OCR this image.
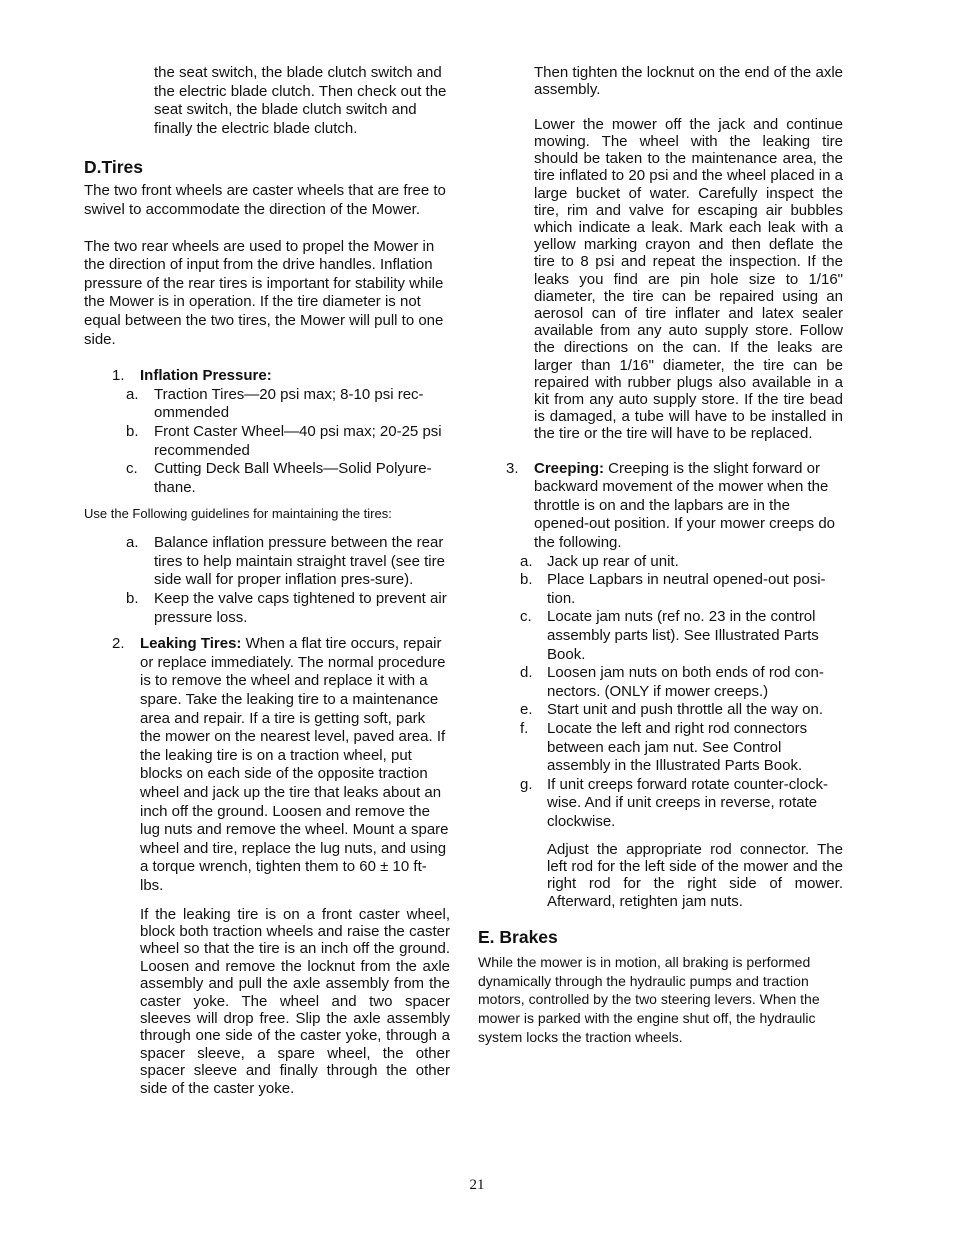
the seat switch, the blade clutch switch and the electric blade clutch. Then check out the seat switch, the blade clutch switch and finally the electric blade clutch.

D.Tires

The two front wheels are caster wheels that are free to swivel to accommodate the direction of the Mower.

The two rear wheels are used to propel the Mower in the direction of input from the drive handles. Inflation pressure of the rear tires is important for stability while the Mower is in operation. If the tire diameter is not equal between the two tires, the Mower will pull to one side.

1.	Inflation Pressure:
a.	Traction Tires—20 psi max; 8-10 psi rec-ommended
b.	Front Caster Wheel—40 psi max; 20-25 psi recommended
c.	Cutting Deck Ball Wheels—Solid Polyure-thane.

Use the Following guidelines for maintaining the tires:

a.	Balance inflation pressure between the rear tires to help maintain straight travel (see tire side wall for proper inflation pres-sure).
b.	Keep the valve caps tightened to prevent air pressure loss.
2.	Leaking Tires: When a flat tire occurs, repair or replace immediately. The normal procedure is to remove the wheel and replace it with a spare. Take the leaking tire to a maintenance area and repair. If a tire is getting soft, park the mower on the nearest level, paved area. If the leaking tire is on a traction wheel, put blocks on each side of the opposite traction wheel and jack up the tire that leaks about an inch off the ground. Loosen and remove the lug nuts and remove the wheel. Mount a spare wheel and tire, replace the lug nuts, and using a torque wrench, tighten them to 60 ± 10 ft-lbs.

If the leaking tire is on a front caster wheel, block both traction wheels and raise the caster wheel so that the tire is an inch off the ground. Loosen and remove the locknut from the axle assembly and pull the axle assembly from the caster yoke. The wheel and two spacer sleeves will drop free. Slip the axle assembly through one side of the caster yoke, through a spacer sleeve, a spare wheel, the other spacer sleeve and finally through the other side of the caster yoke.

Then tighten the locknut on the end of the axle assembly.

Lower the mower off the jack and continue mowing. The wheel with the leaking tire should be taken to the maintenance area, the tire inflated to 20 psi and the wheel placed in a large bucket of water. Carefully inspect the tire, rim and valve for escaping air bubbles which indicate a leak. Mark each leak with a yellow marking crayon and then deflate the tire to 8 psi and repeat the inspection. If the leaks you find are pin hole size to 1/16" diameter, the tire can be repaired using an aerosol can of tire inflater and latex sealer available from any auto supply store. Follow the directions on the can. If the leaks are larger than 1/16" diameter, the tire can be repaired with rubber plugs also available in a kit from any auto supply store. If the tire bead is damaged, a tube will have to be installed in the tire or the tire will have to be replaced.

3.	Creeping: Creeping is the slight forward or backward movement of the mower when the throttle is on and the lapbars are in the opened-out position. If your mower creeps do the following.
a. Jack up rear of unit.
b. Place Lapbars in neutral opened-out posi-tion.
c.	Locate jam nuts (ref no. 23 in the control assembly parts list). See Illustrated Parts Book.
d. Loosen jam nuts on both ends of rod con-nectors. (ONLY if mower creeps.)
e. Start unit and push throttle all the way on.
f.	Locate the left and right rod connectors between each jam nut. See Control assembly in the Illustrated Parts Book.
g. If unit creeps forward rotate counter-clock-wise. And if unit creeps in reverse, rotate clockwise.

Adjust the appropriate rod connector. The left rod for the left side of the mower and the right rod for the right side of mower. Afterward, retighten jam nuts.

E. Brakes

While the mower is in motion, all braking is performed dynamically through the hydraulic pumps and traction motors, controlled by the two steering levers. When the mower is parked with the engine shut off, the hydraulic system locks the traction wheels.

21
